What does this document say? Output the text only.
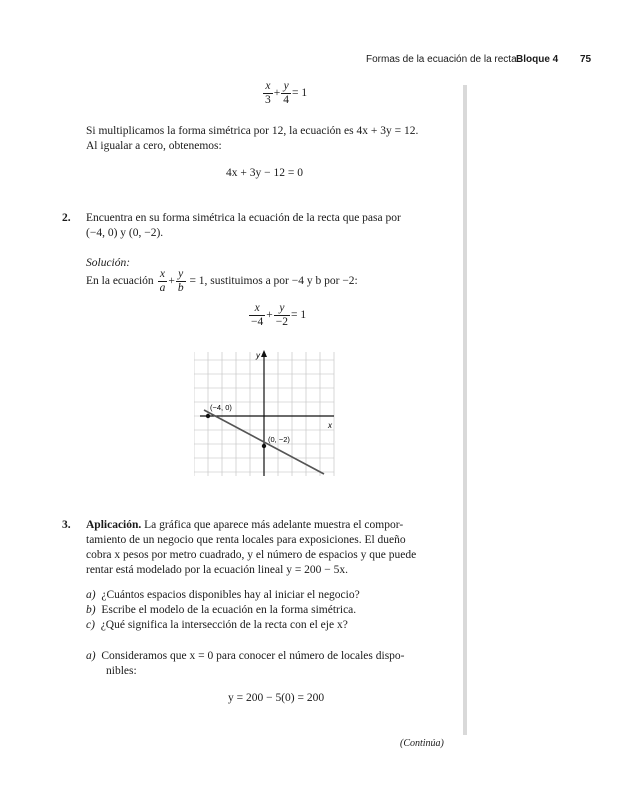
Formas de la ecuación de la recta Bloque 4 75
$\frac{x}{3} + \frac{y}{4} = 1$
Si multiplicamos la forma simétrica por 12, la ecuación es 4x + 3y = 12.
Al igualar a cero, obtenemos:
4x + 3y − 12 = 0
2. Encuentra en su forma simétrica la ecuación de la recta que pasa por
(−4, 0) y (0, −2).
Solución:
En la ecuación $\frac{x}{a} + \frac{y}{b} = 1$, sustituimos a por −4 y b por −2:
$\frac{x}{-4} + \frac{y}{-2} = 1$
y
x
(−4, 0)
(0, −2)
3. Aplicación. La gráfica que aparece más adelante muestra el compor-
tamiento de un negocio que renta locales para exposiciones. El dueño
cobra x pesos por metro cuadrado, y el número de espacios y que puede
rentar está modelado por la ecuación lineal y = 200 − 5x.
a) ¿Cuántos espacios disponibles hay al iniciar el negocio?
b) Escribe el modelo de la ecuación en la forma simétrica.
c) ¿Qué significa la intersección de la recta con el eje x?
a) Consideramos que x = 0 para conocer el número de locales dispo-
nibles:
y = 200 − 5(0) = 200
(Continúa)
